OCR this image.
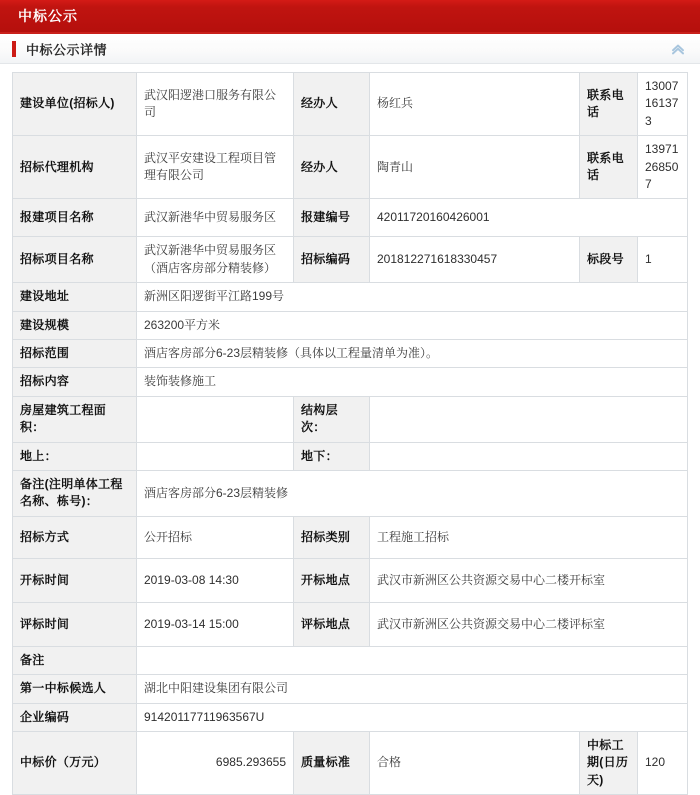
中标公示
中标公示详情
建设单位(招标人)	武汉阳逻港口服务有限公司	经办人	杨红兵	联系电话	13007161373
招标代理机构	武汉平安建设工程项目管理有限公司	经办人	陶青山	联系电话	13971268507
报建项目名称	武汉新港华中贸易服务区	报建编号	42011720160426001		
招标项目名称	武汉新港华中贸易服务区（酒店客房部分精装修）	招标编码	201812271618330457	标段号	1
建设地址	新洲区阳逻街平江路199号				
建设规模	263200平方米				
招标范围	酒店客房部分6-23层精装修（具体以工程量清单为准）。				
招标内容	装饰装修施工				
房屋建筑工程面积：		结构层次：			
地上：		地下：			
备注(注明单体工程名称、栋号)：	酒店客房部分6-23层精装修				
招标方式	公开招标	招标类别	工程施工招标		
开标时间	2019-03-08 14:30	开标地点	武汉市新洲区公共资源交易中心二楼开标室		
评标时间	2019-03-14 15:00	评标地点	武汉市新洲区公共资源交易中心二楼评标室		
备注					
第一中标候选人	湖北中阳建设集团有限公司				
企业编码	91420117711963567U				
中标价（万元）	6985.293655	质量标准	合格	中标工期(日历天)	120
